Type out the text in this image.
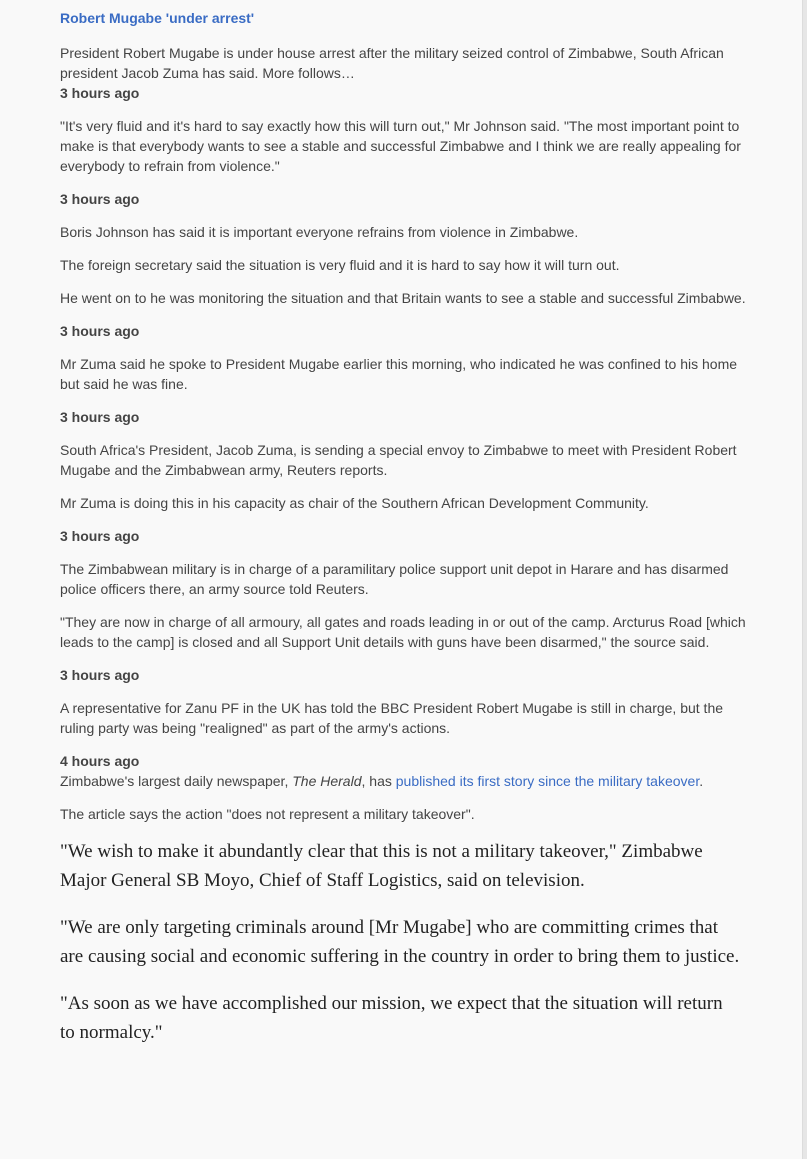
Robert Mugabe 'under arrest'

President Robert Mugabe is under house arrest after the military seized control of Zimbabwe, South African president Jacob Zuma has said. More follows…

3 hours ago

"It's very fluid and it's hard to say exactly how this will turn out," Mr Johnson said. "The most important point to make is that everybody wants to see a stable and successful Zimbabwe and I think we are really appealing for everybody to refrain from violence."

3 hours ago

Boris Johnson has said it is important everyone refrains from violence in Zimbabwe.

The foreign secretary said the situation is very fluid and it is hard to say how it will turn out.

He went on to he was monitoring the situation and that Britain wants to see a stable and successful Zimbabwe.

3 hours ago

Mr Zuma said he spoke to President Mugabe earlier this morning, who indicated he was confined to his home but said he was fine.

3 hours ago

South Africa's President, Jacob Zuma, is sending a special envoy to Zimbabwe to meet with President Robert Mugabe and the Zimbabwean army, Reuters reports.

Mr Zuma is doing this in his capacity as chair of the Southern African Development Community.

3 hours ago

The Zimbabwean military is in charge of a paramilitary police support unit depot in Harare and has disarmed police officers there, an army source told Reuters.

"They are now in charge of all armoury, all gates and roads leading in or out of the camp. Arcturus Road [which leads to the camp] is closed and all Support Unit details with guns have been disarmed," the source said.

3 hours ago

A representative for Zanu PF in the UK has told the BBC President Robert Mugabe is still in charge, but the ruling party was being "realigned" as part of the army's actions.

4 hours ago

Zimbabwe's largest daily newspaper, The Herald, has published its first story since the military takeover.

The article says the action "does not represent a military takeover".

"We wish to make it abundantly clear that this is not a military takeover," Zimbabwe Major General SB Moyo, Chief of Staff Logistics, said on television.

"We are only targeting criminals around [Mr Mugabe] who are committing crimes that are causing social and economic suffering in the country in order to bring them to justice.

"As soon as we have accomplished our mission, we expect that the situation will return to normalcy."
